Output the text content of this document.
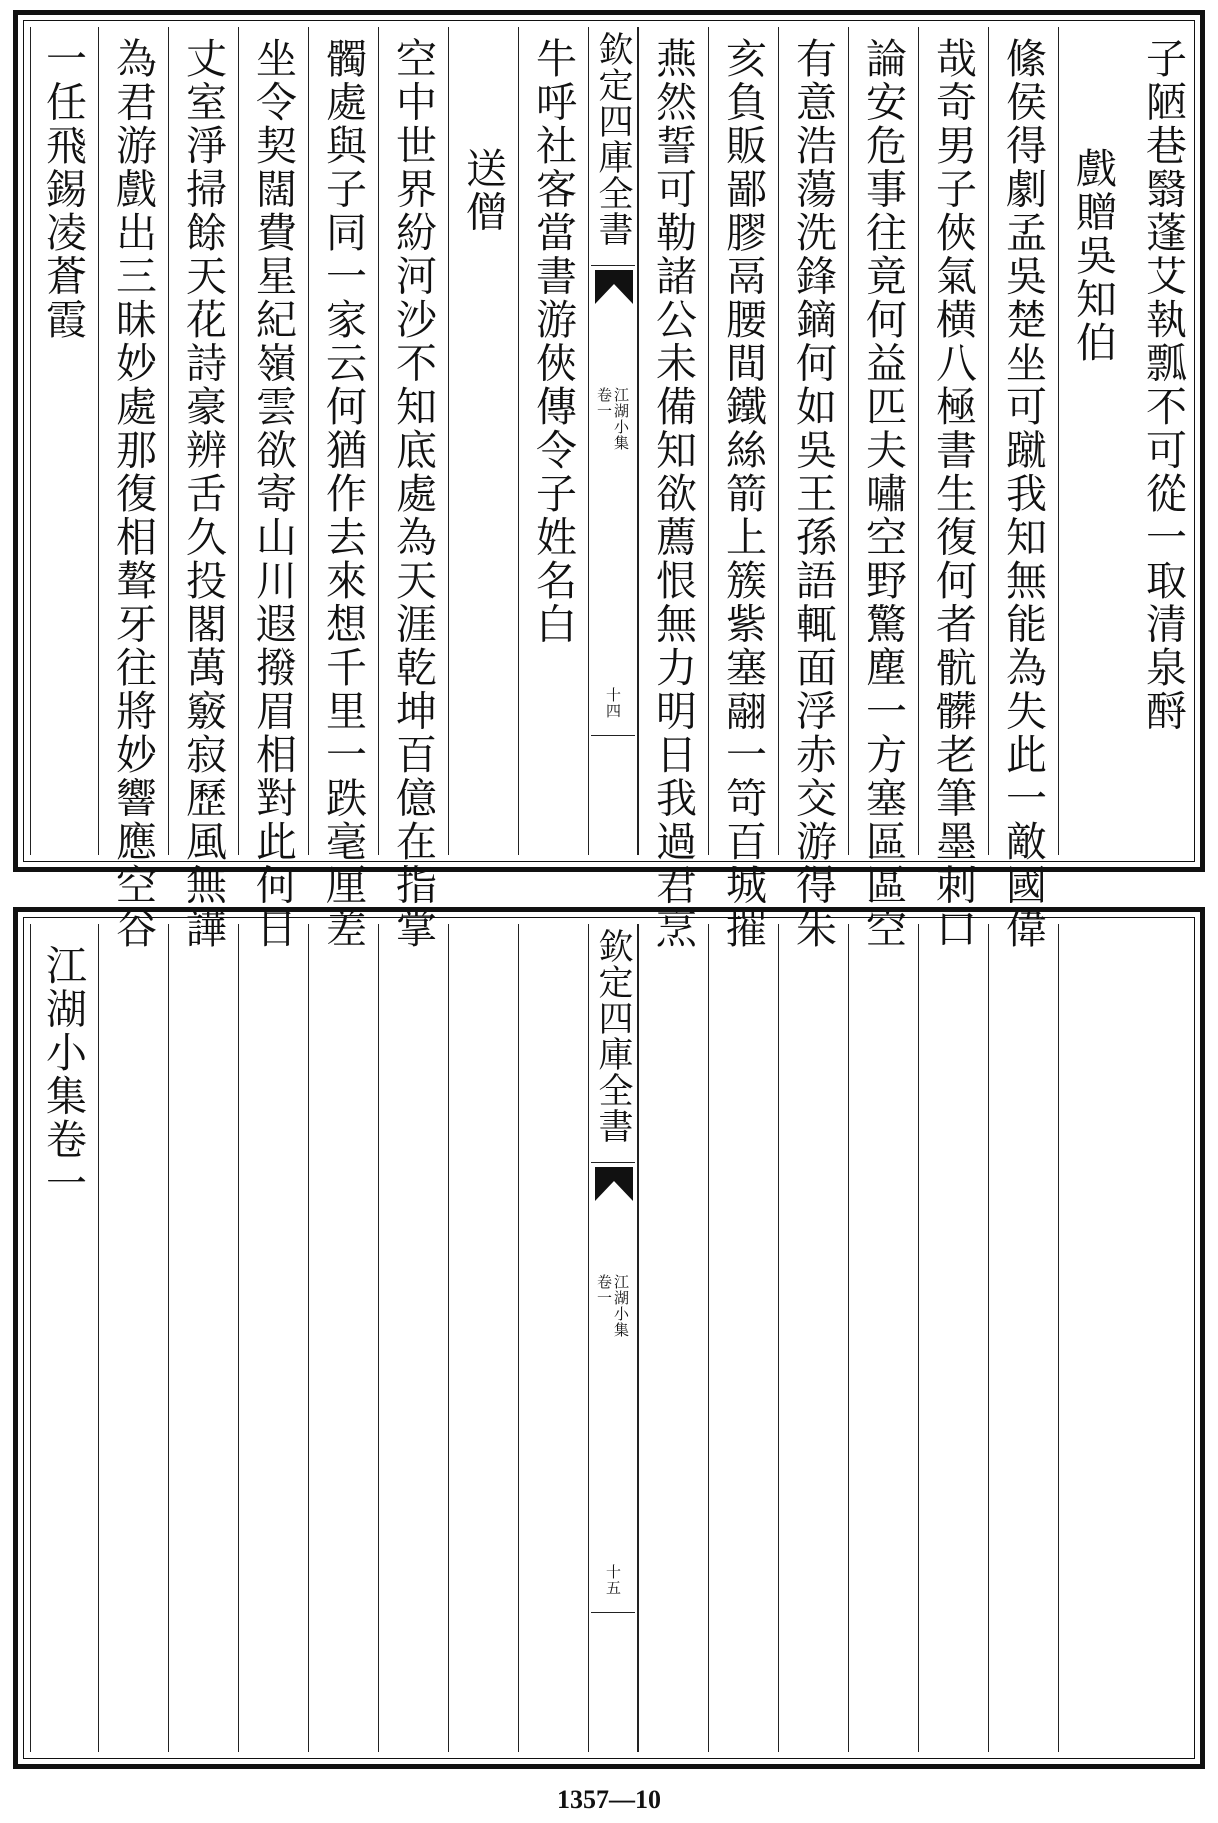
子陋巷翳蓬艾執瓢不可從一取清泉酹
戲贈吳知伯
絛侯得劇孟吳楚坐可蹴我知無能為失此一敵國偉
哉奇男子俠氣横八極書生復何者骯髒老筆墨刺口
論安危事往竟何益匹夫嘯空野驚塵一方塞區區空
有意浩蕩洗鋒鏑何如吳王孫語輒面浮赤交游得朱
亥負販鄙膠鬲腰間鐵絲箭上簇紫塞翮一笴百城摧
燕然誓可勒諸公未備知欲薦恨無力明日我過君烹
欽定四庫全書
江湖小集
卷一
十四
牛呼社客當書游俠傳令子姓名白
送僧
空中世界紛河沙不知底處為天涯乾坤百億在指掌
髑處與子同一家云何猶作去來想千里一跌毫厘差
坐令契闊費星紀嶺雲欲寄山川遐撥眉相對此何日
丈室淨掃餘天花詩豪辨舌久投閣萬竅寂歷風無譁
為君游戲出三昧妙處那復相聱牙往將妙響應空谷
一任飛錫凌蒼霞
欽定四庫全書
江湖小集
卷一
十五
江湖小集卷一
1357—10
